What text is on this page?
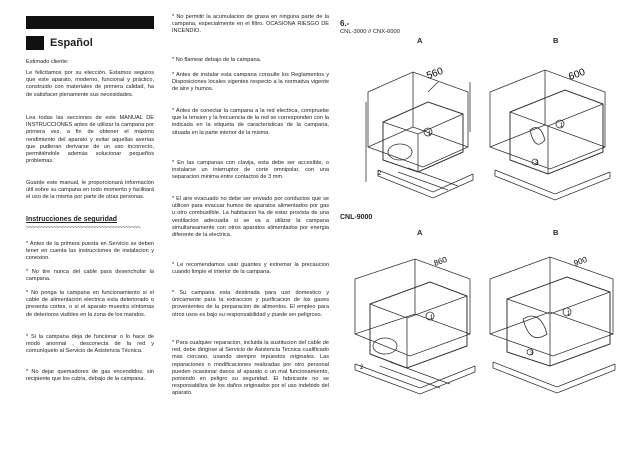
Español

Estimado cliente:

Le felicitamos por su elección. Estamos seguros que este aparato, moderno, funcional y práctico, construido con materiales de primera calidad, ha de satisfacer plenamente sus necesidades.

Lea todas las secciones de este MANUAL DE INSTRUCCIONES antes de utilizar la campana por primera vez, a fin de obtener el máximo rendimiento del aparato y evitar aquellas averías que pudieran derivarse de un uso incorrecto, permitiéndole además solucionar pequeños problemas.

Guarde este manual, le proporcionará información útil sobre su campana en todo momento y facilitará el uso de la misma por parte de otras personas.

Instrucciones de seguridad
~~~~~~~~~~~~~~~~~~~~~~~~~~~~~~~~~~~~~~

* Antes de la primera puesta en Servicio se deben tener en cuenta las instrucciones de instalacion y conexion.

* No tire nunca del cable para desenchufar la campana.

* No ponga la campana en funcionamiento si el cable de alimentación electrica esta deteriorado o presenta cortes, o si el aparato muestra síntomas de deterioros visibles en la zona de los mandos.

* Si la campana deja de funcionar o lo hace de modo anormal , desconecta de la red y comuníquelo al Servicio de Asistencia Técnica.

* No dejar quemadores de gas encendidos, sin recipiente que los cubra, debajo de la campana.

* No permitir la acumulacion de grasa en ninguna parte de la campana, especialmente en el filtro. OCASIONA RIESGO DE INCENDIO.

* No flamear debajo de la campana.

* Antes de instalar esta campana consulte los Reglamentos y Disposiciones locales vigentes respecto a la normativa vigente de aire y humos.

* Antes de conectar la campana a la red electrica, compruebe que la tension y la frecuencia de la red se corresponden con la indicada en la etiqueta de caracteristicas de la campana, situada en la parte interior de la misma.

* En las campanas con clavija, esta debe ser accesible, o instalarse un interruptor de corte omnipolar, con una separacion minima entre contactos de 3 mm.

* El aire evacuado no debe ser enviado por conductos que se utilicen para evacuar humos de aparatos alimentados por gas u otro combustible. La habitacion ha de estar provista de una ventilacion adecuada si se va a utilizar la campana simultaneamente con otros aparatos alimentados por energia diferente de la electrica.

* Le recomendamos usar guantes y extremar la precaucion cuando limpie el interior de la campana.

* Su campana esta destinada para uso domestico y únicamente para la extraccion y purificacion de los gases provenientes de la preparacion de alimentos. El empleo para otros usos es bajo su responsabilidad y puede ser peligroso.

* Para cualquier reparacion, incluida la sustitucion del cable de red, debe dirigirse al Servicio de Asistencia Tecnica cualificado mas cercano, usando siempre repuestos originales. Las reparaciones o modificaciones realizadas por otro personal pueden ocasionar danos al aparato o un mal funcionamiento, poniendo en peligro su seguridad. El fabricante no se responsabiliza de los daños originados por el uso indebido del aparato.

6.-
CNL-3000 // CNX-6000
A	B
560
1
2
600
1
3
CNL-9000
A	B
860
1
2
900
1
3
